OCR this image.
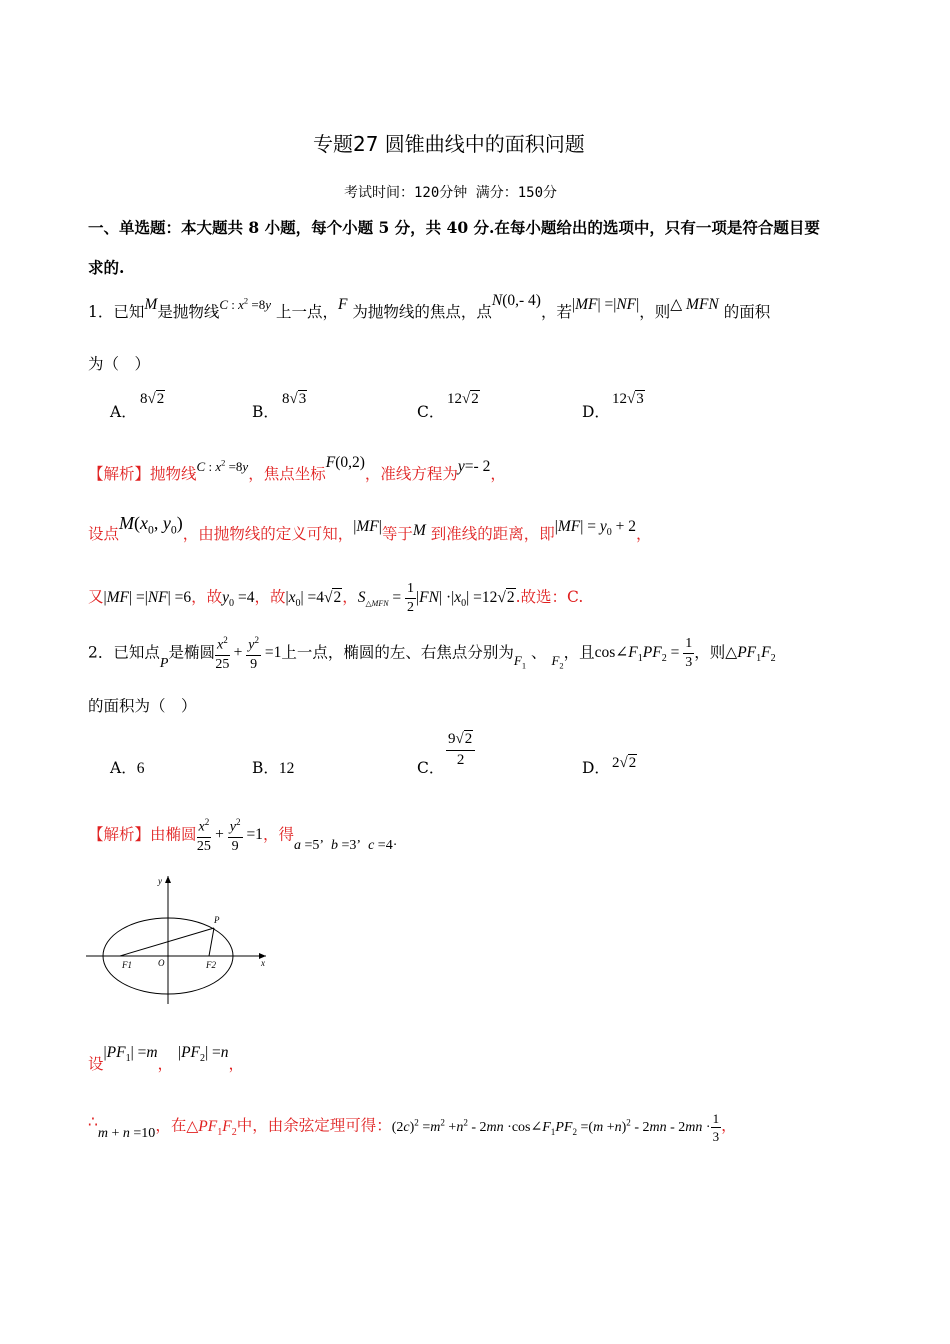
专题27 圆锥曲线中的面积问题
考试时间：120分钟 满分：150分
一、单选题：本大题共 8 小题，每个小题 5 分，共 40 分.在每小题给出的选项中，只有一项是符合题目要
求的.
1．已知M是抛物线$^C$ $^{: x^2 =8y}$ 上一点，F 为抛物线的焦点，点N(0,- 4)，若|MF| =|NF|，则△ MFN 的面积
为（　）
A．
8√2
B．
8√3
C．
12√2
D．
12√3
【解析】抛物线$^{C : x^2 =8y}$，焦点坐标F(0,2)，准线方程为y=- 2，
设点$M(x_0$, $y_0$)，由抛物线的定义可知，|MF|等于M 到准线的距离，即$|MF| = y_0 + 2$，
又|MF| =|NF| =6，故$y_0 =4$，故$|x_0| =4√2$，$S_{\triangle MFN} = \frac{1}{2} |FN| \cdot|x_0| =12√2$.故选：C.
2．已知点P是椭圆 $\frac{x^2}{25} + \frac{y^2}{9} =1$上一点，椭圆的左、右焦点分别为$_{F_1}$ 、 $_{F_2}$，且$\cos\angle F_1PF_2 = \frac{1}{3}$ ，则$\triangle PF_1F_2$
的面积为（　）
A．6	B．12	C．
$\frac{9√2}{2}$
D． 2√2
【解析】由椭圆 $\frac{x^2}{25} + \frac{y^2}{9} =1$，得a =5’  b =3’  c =4·
y
x
O
P
F1	F2
设$|PF_1| =m$， $|PF_2| =n$，
∴m + n =10，在$\triangle PF_1F_2$中，由余弦定理可得：$(2c)^2 =m^2 +n^2 - 2mn$ $\cdot\cos\angle F_1PF_2 =(m +n)^2 - 2mn - 2mn \cdot \frac{1}{3}$ ，
